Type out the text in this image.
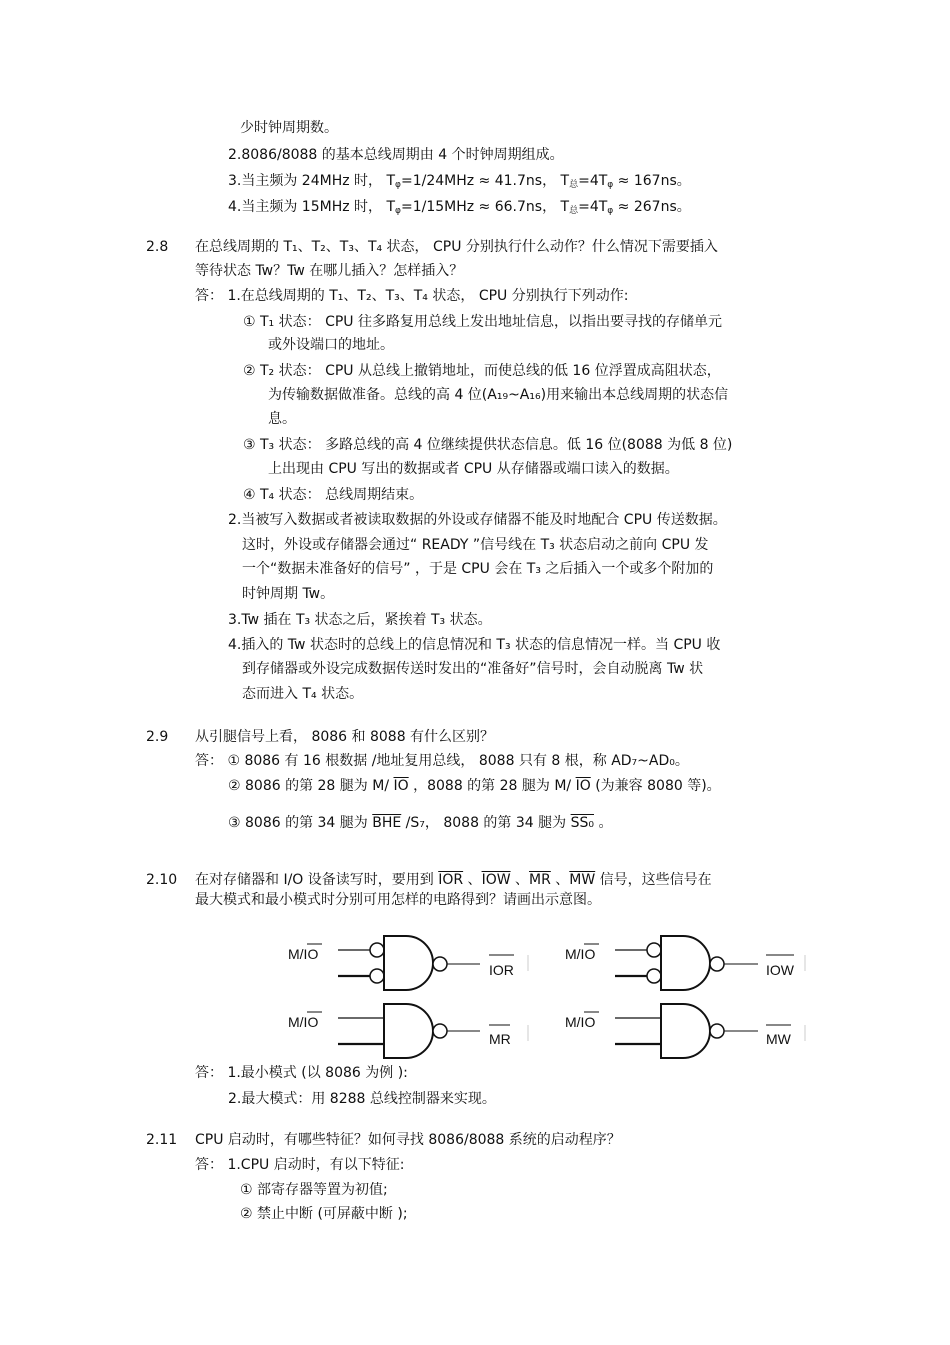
少时钟周期数。
2.8086/8088 的基本总线周期由 4 个时钟周期组成。
3.当主频为 24MHz 时， $T_\varphi=1/24MHz \approx 41.7ns$， $T_总=4T_\varphi \approx 167ns$。
4.当主频为 15MHz 时， $T_\varphi=1/15MHz \approx 66.7ns$， $T_总=4T_\varphi \approx 267ns$。
2.8 在总线周期的 T₁、T₂、T₃、T₄ 状态， CPU 分别执行什么动作？什么情况下需要插入
等待状态 Tw？Tw 在哪儿插入？怎样插入？
答： 1.在总线周期的 T₁、T₂、T₃、T₄ 状态， CPU 分别执行下列动作:
① T₁ 状态： CPU 往多路复用总线上发出地址信息，以指出要寻找的存储单元
或外设端口的地址。
② T₂ 状态： CPU 从总线上撤销地址，而使总线的低 16 位浮置成高阻状态，
为传输数据做准备。总线的高 4 位(A₁₉~A₁₆)用来输出本总线周期的状态信
息。
③ T₃ 状态： 多路总线的高 4 位继续提供状态信息。低 16 位(8088 为低 8 位)
上出现由 CPU 写出的数据或者 CPU 从存储器或端口读入的数据。
④ T₄ 状态： 总线周期结束。
2.当被写入数据或者被读取数据的外设或存储器不能及时地配合 CPU 传送数据。
这时，外设或存储器会通过“ READY ”信号线在 T₃ 状态启动之前向 CPU 发
一个“数据未准备好的信号” ，于是 CPU 会在 T₃ 之后插入一个或多个附加的
时钟周期 Tw。
3.Tw 插在 T₃ 状态之后，紧挨着 T₃ 状态。
4.插入的 Tw 状态时的总线上的信息情况和 T₃ 状态的信息情况一样。当 CPU 收
到存储器或外设完成数据传送时发出的“准备好”信号时，会自动脱离 Tw 状
态而进入 T₄ 状态。
2.9 从引腿信号上看， 8086 和 8088 有什么区别？
答： ① 8086 有 16 根数据 /地址复用总线， 8088 只有 8 根，称 AD₇~AD₀。
② 8086 的第 28 腿为 M/ $\overline{IO}$ ，8088 的第 28 腿为 M/ $\overline{IO}$ (为兼容 8080 等)。
③ 8086 的第 34 腿为 $\overline{BHE}$ /S₇， 8088 的第 34 腿为 SS₀ 。
2.10 在对存储器和 I/O 设备读写时，要用到 $\overline{IOR}$ 、$\overline{IOW}$ 、$\overline{MR}$ 、$\overline{MW}$ 信号，这些信号在
最大模式和最小模式时分别可用怎样的电路得到？请画出示意图。
M/IO
IOR
M/IO
IOW
M/IO
MR
M/IO
MW
答： 1.最小模式 (以 8086 为例 ):
2.最大模式：用 8288 总线控制器来实现。
2.11 CPU 启动时，有哪些特征？如何寻找 8086/8088 系统的启动程序？
答： 1.CPU 启动时，有以下特征:
① 部寄存器等置为初值;
② 禁止中断 (可屏蔽中断 );
